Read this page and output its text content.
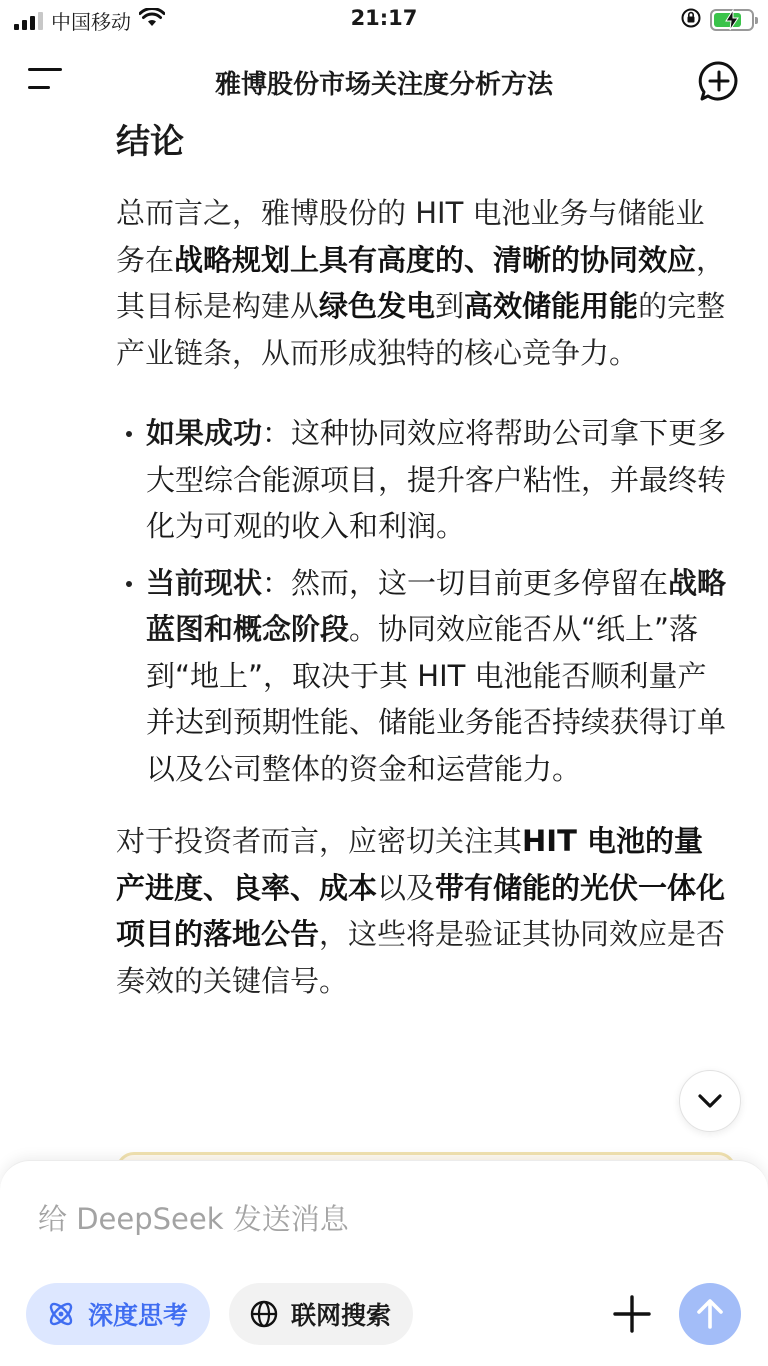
中国移动	21:17
雅博股份市场关注度分析方法
结论

总而言之，雅博股份的 HIT 电池业务与储能业务在战略规划上具有高度的、清晰的协同效应，其目标是构建从绿色发电到高效储能用能的完整产业链条，从而形成独特的核心竞争力。

如果成功：这种协同效应将帮助公司拿下更多大型综合能源项目，提升客户粘性，并最终转化为可观的收入和利润。
当前现状：然而，这一切目前更多停留在战略蓝图和概念阶段。协同效应能否从“纸上”落到“地上”，取决于其 HIT 电池能否顺利量产并达到预期性能、储能业务能否持续获得订单以及公司整体的资金和运营能力。

对于投资者而言，应密切关注其HIT 电池的量产进度、良率、成本以及带有储能的光伏一体化项目的落地公告，这些将是验证其协同效应是否奏效的关键信号。

给 DeepSeek 发送消息
深度思考	联网搜索
